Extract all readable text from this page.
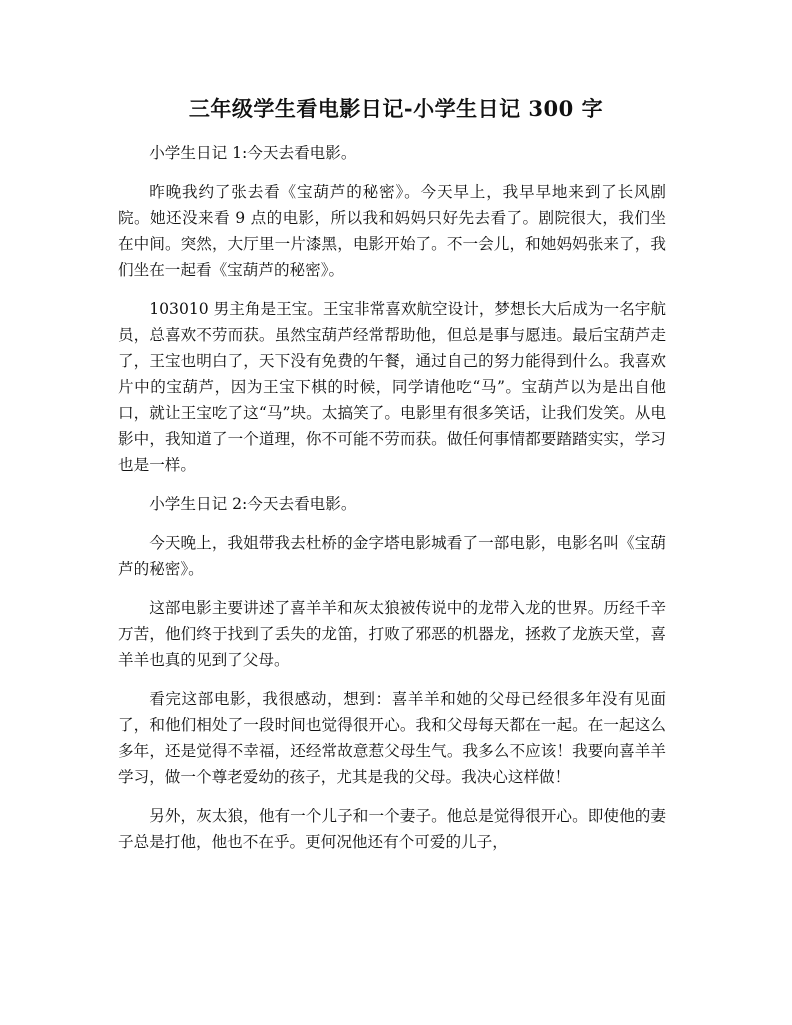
三年级学生看电影日记-小学生日记 300 字

小学生日记 1:今天去看电影。

昨晚我约了张去看《宝葫芦的秘密》。今天早上，我早早地来到了长风剧院。她还没来看 9 点的电影，所以我和妈妈只好先去看了。剧院很大，我们坐在中间。突然，大厅里一片漆黑，电影开始了。不一会儿，和她妈妈张来了，我们坐在一起看《宝葫芦的秘密》。

103010 男主角是王宝。王宝非常喜欢航空设计，梦想长大后成为一名宇航员，总喜欢不劳而获。虽然宝葫芦经常帮助他，但总是事与愿违。最后宝葫芦走了，王宝也明白了，天下没有免费的午餐，通过自己的努力能得到什么。我喜欢片中的宝葫芦，因为王宝下棋的时候，同学请他吃“马”。宝葫芦以为是出自他口，就让王宝吃了这“马”块。太搞笑了。电影里有很多笑话，让我们发笑。从电影中，我知道了一个道理，你不可能不劳而获。做任何事情都要踏踏实实，学习也是一样。

小学生日记 2:今天去看电影。

今天晚上，我姐带我去杜桥的金字塔电影城看了一部电影，电影名叫《宝葫芦的秘密》。

这部电影主要讲述了喜羊羊和灰太狼被传说中的龙带入龙的世界。历经千辛万苦，他们终于找到了丢失的龙笛，打败了邪恶的机器龙，拯救了龙族天堂，喜羊羊也真的见到了父母。

看完这部电影，我很感动，想到：喜羊羊和她的父母已经很多年没有见面了，和他们相处了一段时间也觉得很开心。我和父母每天都在一起。在一起这么多年，还是觉得不幸福，还经常故意惹父母生气。我多么不应该！我要向喜羊羊学习，做一个尊老爱幼的孩子，尤其是我的父母。我决心这样做！

另外，灰太狼，他有一个儿子和一个妻子。他总是觉得很开心。即使他的妻子总是打他，他也不在乎。更何况他还有个可爱的儿子，
